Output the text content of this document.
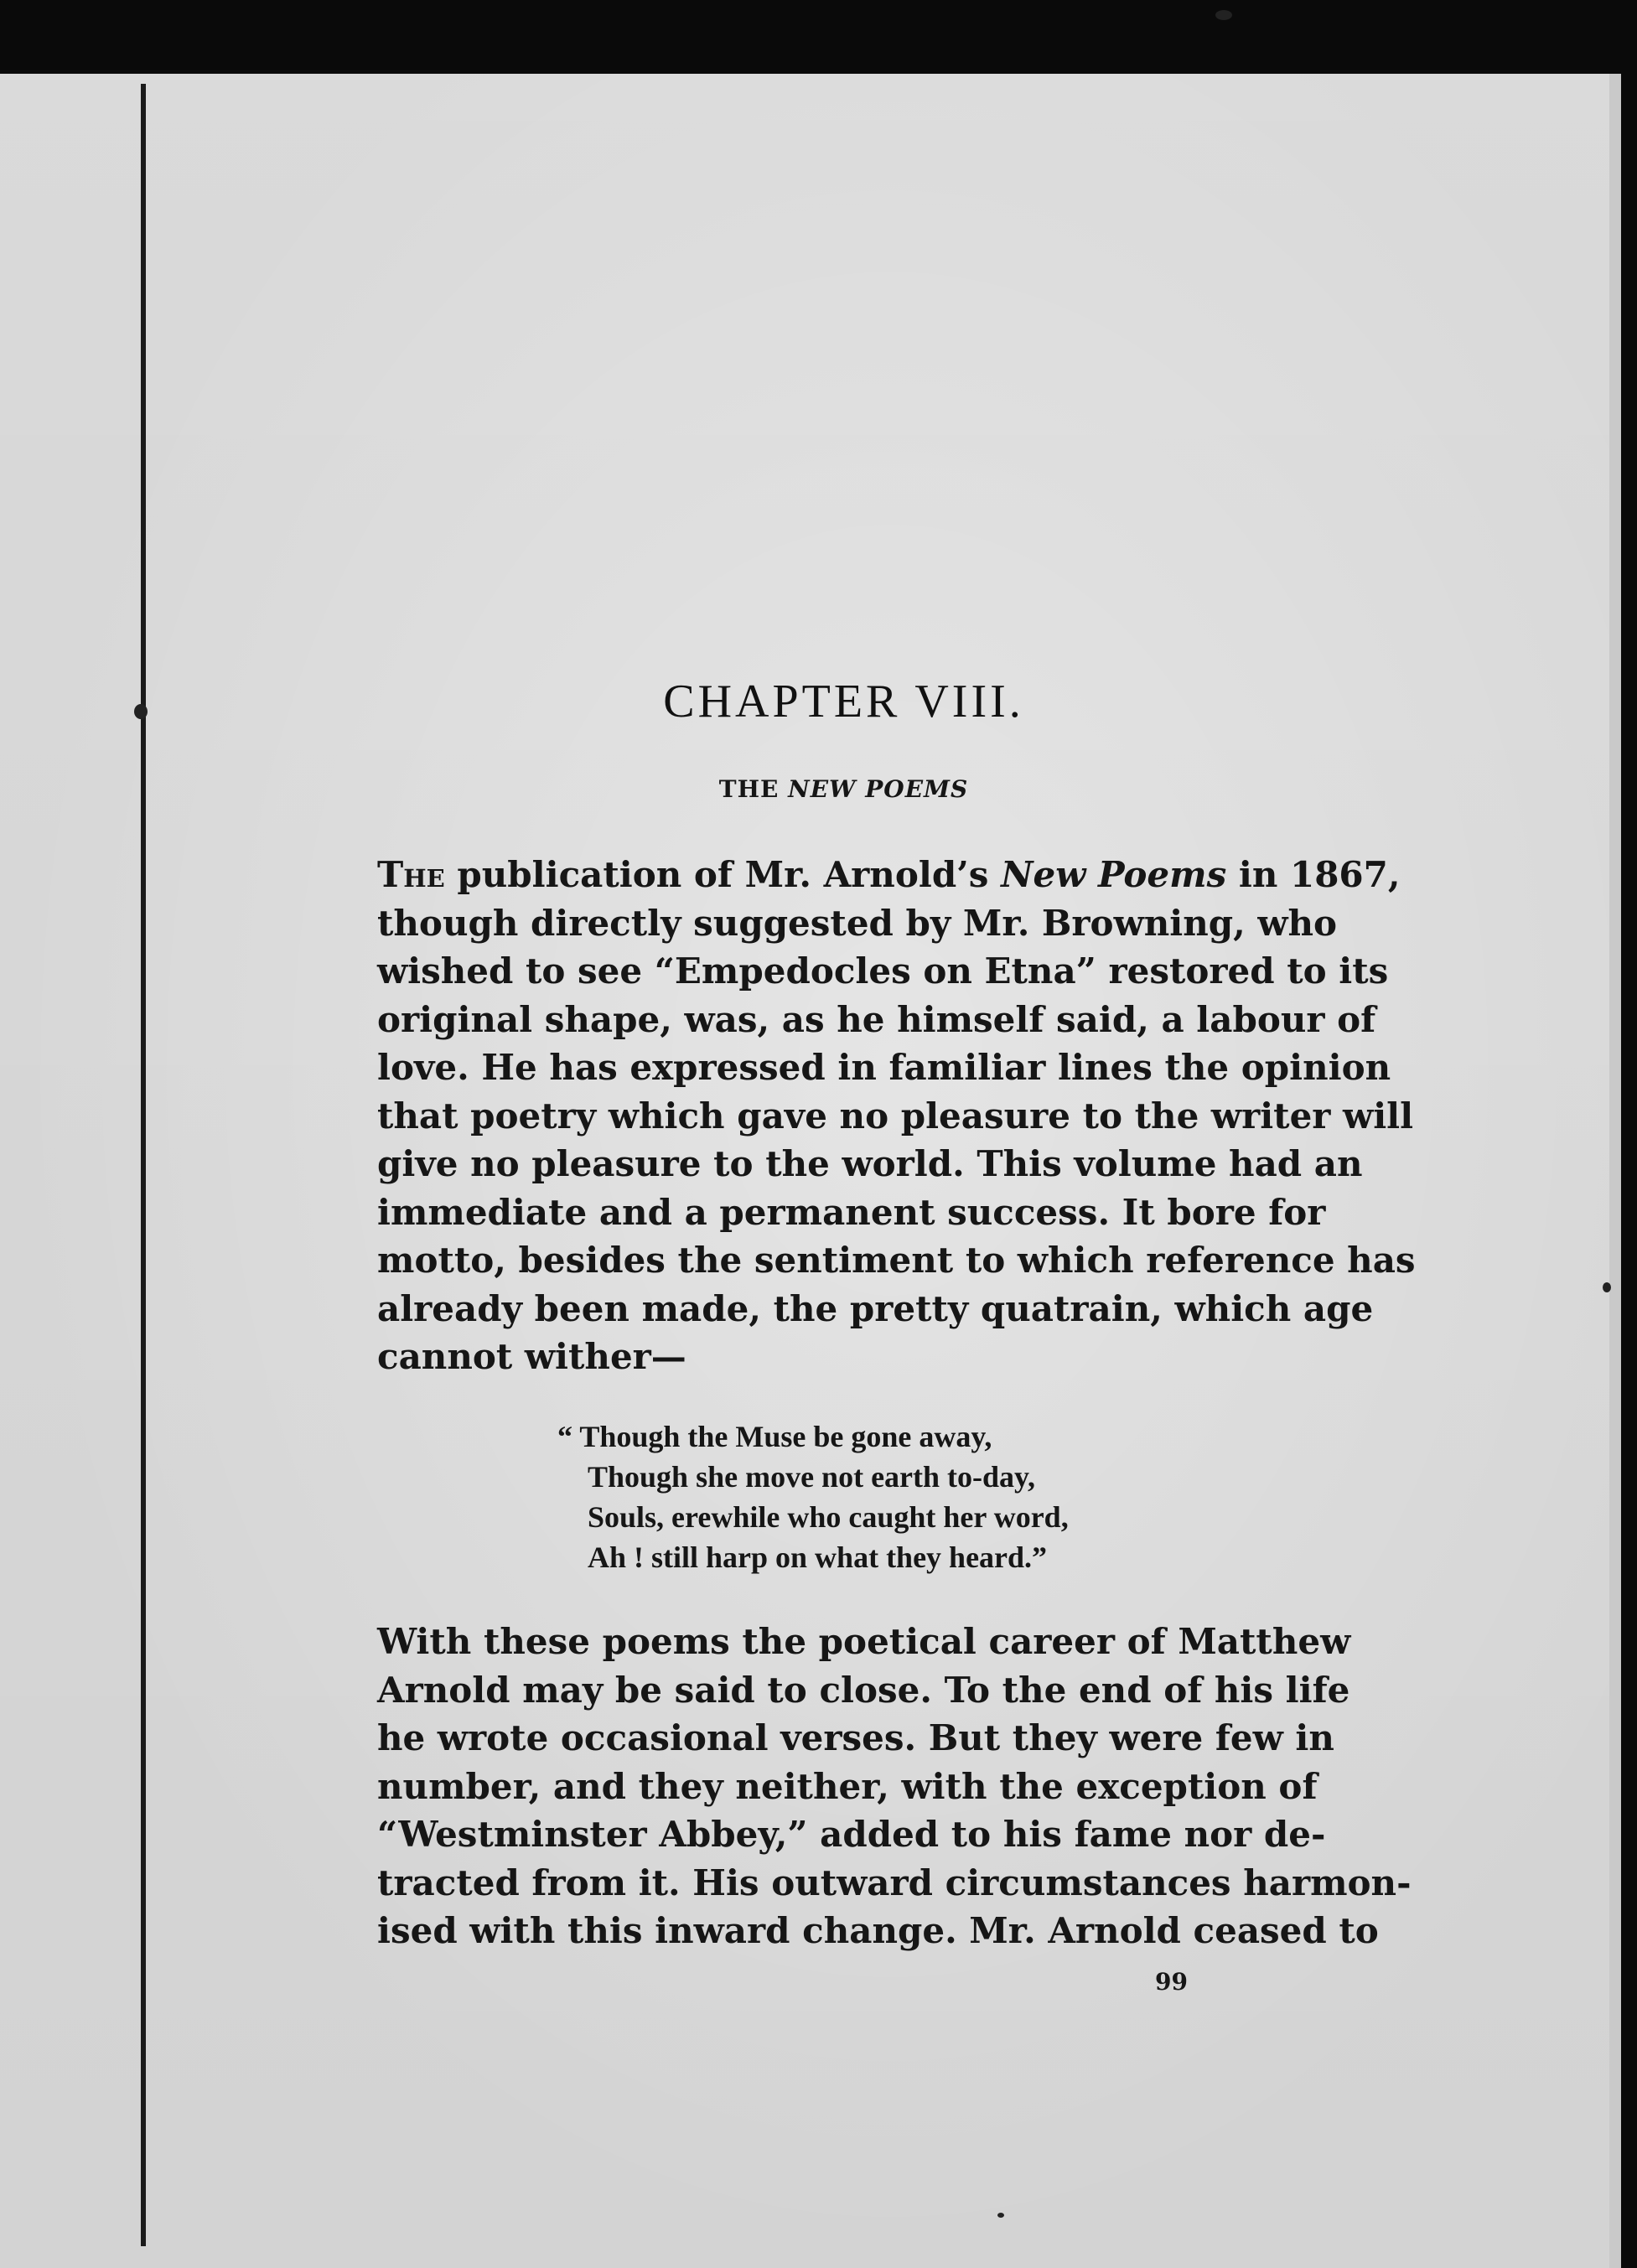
CHAPTER VIII.
THE NEW POEMS
The publication of Mr. Arnold’s New Poems in 1867,
though directly suggested by Mr. Browning, who
wished to see “Empedocles on Etna” restored to its
original shape, was, as he himself said, a labour of
love. He has expressed in familiar lines the opinion
that poetry which gave no pleasure to the writer will
give no pleasure to the world. This volume had an
immediate and a permanent success. It bore for
motto, besides the sentiment to which reference has
already been made, the pretty quatrain, which age
cannot wither—
“ Though the Muse be gone away,
Though she move not earth to-day,
Souls, erewhile who caught her word,
Ah ! still harp on what they heard.”
With these poems the poetical career of Matthew
Arnold may be said to close. To the end of his life
he wrote occasional verses. But they were few in
number, and they neither, with the exception of
“Westminster Abbey,” added to his fame nor de-
tracted from it. His outward circumstances harmon-
ised with this inward change. Mr. Arnold ceased to
99
